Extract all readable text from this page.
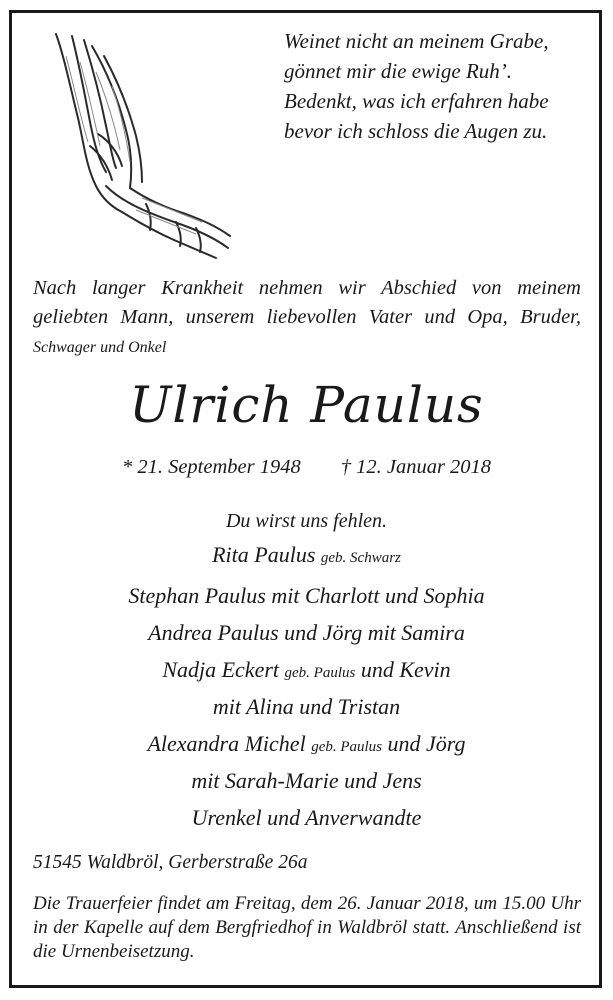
Weinet nicht an meinem Grabe,
gönnet mir die ewige Ruh’.
Bedenkt, was ich erfahren habe
bevor ich schloss die Augen zu.
Nach langer Krankheit nehmen wir Abschied von meinem geliebten Mann, unserem liebevollen Vater und Opa, Bruder, Schwager und Onkel
Ulrich Paulus
* 21. September 1948 † 12. Januar 2018
Du wirst uns fehlen.
Rita Paulus geb. Schwarz
Stephan Paulus mit Charlott und Sophia
Andrea Paulus und Jörg mit Samira
Nadja Eckert geb. Paulus und Kevin
mit Alina und Tristan
Alexandra Michel geb. Paulus und Jörg
mit Sarah-Marie und Jens
Urenkel und Anverwandte
51545 Waldbröl, Gerberstraße 26a
Die Trauerfeier findet am Freitag, dem 26. Januar 2018, um 15.00 Uhr in der Kapelle auf dem Bergfriedhof in Waldbröl statt. Anschließend ist die Urnenbeisetzung.
